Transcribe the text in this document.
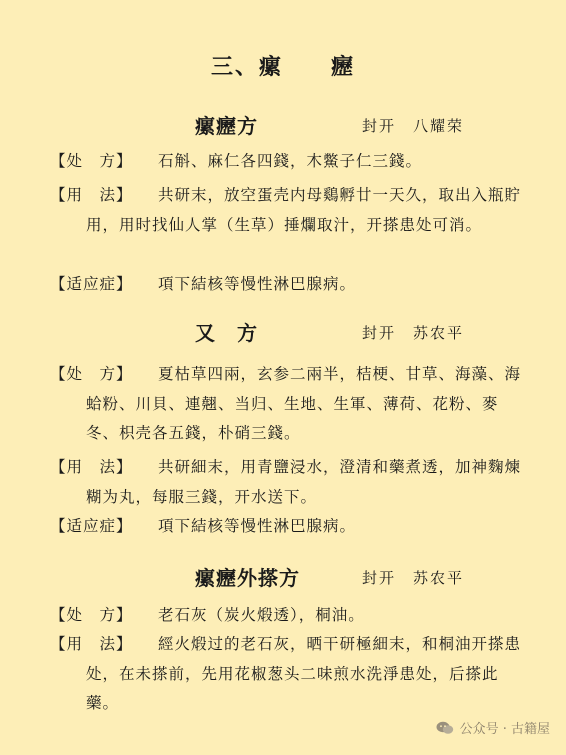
三、瘰　　癧
瘰癧方	封开　八耀荣
【处　方】	石斛、麻仁各四錢，木鱉子仁三錢。
【用　法】	共研末，放空蛋壳内母鷄孵廿一天久，取出入瓶貯用，用时找仙人掌（生草）捶爛取汁，开搽患处可消。
【适应症】	項下結核等慢性淋巴腺病。
又　方	封开　苏农平
【处　方】	夏枯草四兩，玄参二兩半，桔梗、甘草、海藻、海蛤粉、川貝、連翹、当归、生地、生軍、薄荷、花粉、麥冬、枳壳各五錢，朴硝三錢。
【用　法】	共研細末，用青鹽浸水，澄清和藥煮透，加神麴煉糊为丸，每服三錢，开水送下。
【适应症】	項下結核等慢性淋巴腺病。
瘰癧外搽方	封开　苏农平
【处　方】	老石灰（炭火煅透），桐油。
【用　法】	經火煅过的老石灰，晒干研極細末，和桐油开搽患处，在未搽前，先用花椒葱头二味煎水洗淨患处，后搽此藥。
公众号 · 古籍屋
